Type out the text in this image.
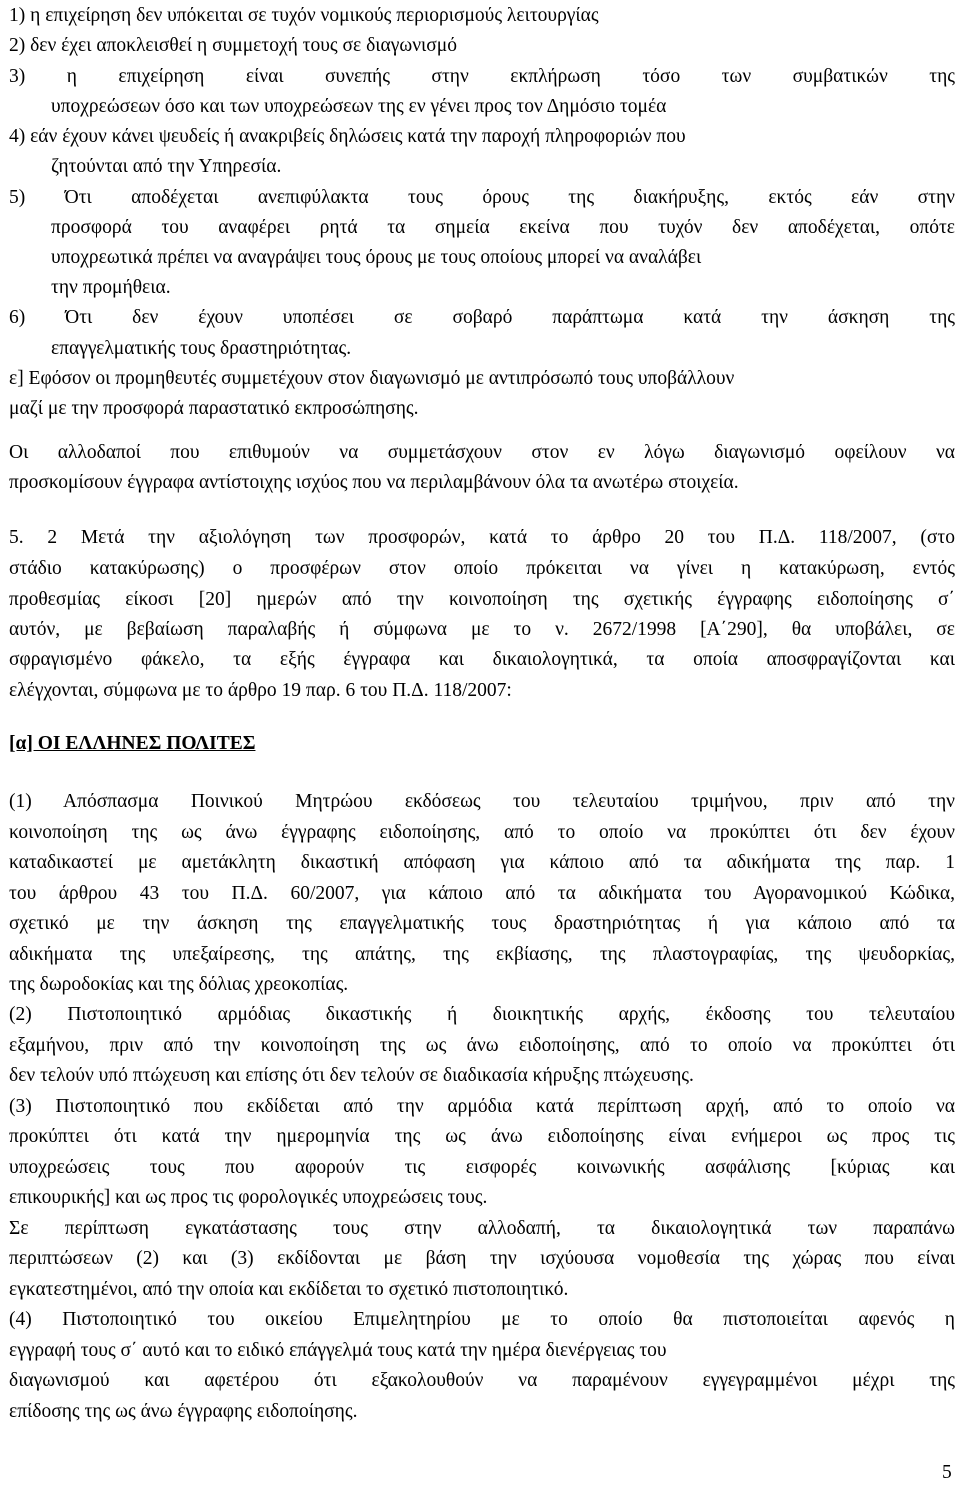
1) η επιχείρηση δεν υπόκειται σε τυχόν νομικούς περιορισμούς λειτουργίας
2) δεν έχει αποκλεισθεί η συμμετοχή τους σε διαγωνισμό
3) η επιχείρηση είναι συνεπής στην εκπλήρωση τόσο των συμβατικών της
υποχρεώσεων όσο και των υποχρεώσεων της εν γένει προς τον Δημόσιο τομέα
4) εάν έχουν κάνει ψευδείς ή ανακριβείς δηλώσεις κατά την παροχή πληροφοριών που
ζητούνται από την Υπηρεσία.
5) Ότι αποδέχεται ανεπιφύλακτα τους όρους της διακήρυξης, εκτός εάν στην
προσφορά του αναφέρει ρητά τα σημεία εκείνα που τυχόν δεν αποδέχεται, οπότε
υποχρεωτικά πρέπει να αναγράψει τους όρους με τους οποίους μπορεί να αναλάβει
την προμήθεια.
6) Ότι δεν έχουν υποπέσει σε σοβαρό παράπτωμα κατά την άσκηση της
επαγγελματικής τους δραστηριότητας.
ε] Εφόσον οι προμηθευτές συμμετέχουν στον διαγωνισμό με αντιπρόσωπό τους υποβάλλουν
μαζί με την προσφορά παραστατικό εκπροσώπησης.
Οι αλλοδαποί που επιθυμούν να συμμετάσχουν στον εν λόγω διαγωνισμό οφείλουν να
προσκομίσουν έγγραφα αντίστοιχης ισχύος που να περιλαμβάνουν όλα τα ανωτέρω στοιχεία.
5. 2 Μετά την αξιολόγηση των προσφορών, κατά το άρθρο 20 του Π.Δ. 118/2007, (στο
στάδιο κατακύρωσης) ο προσφέρων στον οποίο πρόκειται να γίνει η κατακύρωση, εντός
προθεσμίας είκοσι [20] ημερών από την κοινοποίηση της σχετικής έγγραφης ειδοποίησης σ΄
αυτόν, με βεβαίωση παραλαβής ή σύμφωνα με το ν. 2672/1998 [Α΄290], θα υποβάλει, σε
σφραγισμένο φάκελο, τα εξής έγγραφα και δικαιολογητικά, τα οποία αποσφραγίζονται και
ελέγχονται, σύμφωνα με το άρθρο 19 παρ. 6 του Π.Δ. 118/2007:
[α] ΟΙ ΕΛΛΗΝΕΣ ΠΟΛΙΤΕΣ
(1) Απόσπασμα Ποινικού Μητρώου εκδόσεως του τελευταίου τριμήνου, πριν από την
κοινοποίηση της ως άνω έγγραφης ειδοποίησης, από το οποίο να προκύπτει ότι δεν έχουν
καταδικαστεί με αμετάκλητη δικαστική απόφαση για κάποιο από τα αδικήματα της παρ. 1
του άρθρου 43 του Π.Δ. 60/2007, για κάποιο από τα αδικήματα του Αγορανομικού Κώδικα,
σχετικό με την άσκηση της επαγγελματικής τους δραστηριότητας ή για κάποιο από τα
αδικήματα της υπεξαίρεσης, της απάτης, της εκβίασης, της πλαστογραφίας, της ψευδορκίας,
της δωροδοκίας και της δόλιας χρεοκοπίας.
(2) Πιστοποιητικό αρμόδιας δικαστικής ή διοικητικής αρχής, έκδοσης του τελευταίου
εξαμήνου, πριν από την κοινοποίηση της ως άνω ειδοποίησης, από το οποίο να προκύπτει ότι
δεν τελούν υπό πτώχευση και επίσης ότι δεν τελούν σε διαδικασία κήρυξης πτώχευσης.
(3) Πιστοποιητικό που εκδίδεται από την αρμόδια κατά περίπτωση αρχή, από το οποίο να
προκύπτει ότι κατά την ημερομηνία της ως άνω ειδοποίησης είναι ενήμεροι ως προς τις
υποχρεώσεις τους που αφορούν τις εισφορές κοινωνικής ασφάλισης [κύριας και
επικουρικής] και ως προς τις φορολογικές υποχρεώσεις τους.
Σε περίπτωση εγκατάστασης τους στην αλλοδαπή, τα δικαιολογητικά των παραπάνω
περιπτώσεων (2) και (3) εκδίδονται με βάση την ισχύουσα νομοθεσία της χώρας που είναι
εγκατεστημένοι, από την οποία και εκδίδεται το σχετικό πιστοποιητικό.
(4) Πιστοποιητικό του οικείου Επιμελητηρίου με το οποίο θα πιστοποιείται αφενός η
εγγραφή τους σ΄ αυτό και το ειδικό επάγγελμά τους κατά την ημέρα διενέργειας του
διαγωνισμού και αφετέρου ότι εξακολουθούν να παραμένουν εγγεγραμμένοι μέχρι της
επίδοσης της ως άνω έγγραφης ειδοποίησης.
5
